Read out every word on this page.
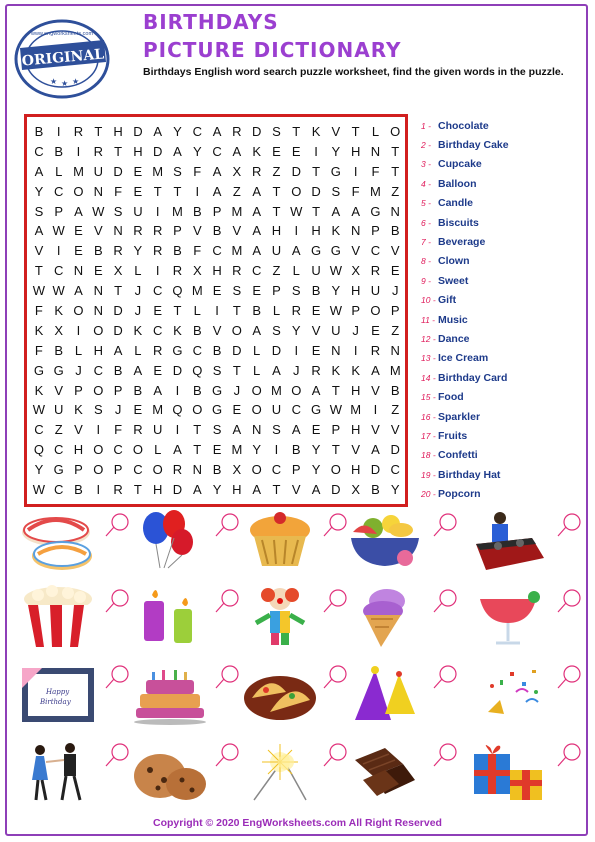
ORIGINAL
www.engworksheets.com
★ ★ ★
BIRTHDAYS
PICTURE DICTIONARY
Birthdays English word search puzzle worksheet, find the given words in the puzzle.
B	I	R T H D A Y C A R D S T K V T L O
C B	I	R T H D A Y C A K E E	I	Y H N T
A L M U D E M S F A X R Z D T G I	F T
Y C O N F E T T	I	A Z A T O D S F M Z
S P A W S U	I M B P M A T W T A A G N
A W E V N R R P V B V A H	I	H K N P B
V	I	E B R Y R B F C M A U A G G V C V
T C N E X L	I	R X H R C Z L U W X R E
W W A N T J C Q M E S E P S B Y H U J
F K O N D J E T L	I	T B L R E W P O P
K X	I O D K C K B V O A S Y V U J E Z
F B L H A L R G C B D L D	I	E N	I	R N
G G J C B A E D Q S T L A J R K K A M
K V P O P B A	I	B G J O M O A T H V B
W U K S J E M Q O G E O U C G W M I	Z
C Z V	I	F R U	I	T S A N S A E P H V V
Q C H O C O L A T E M Y	I	B Y T V A D
Y G P O P C O R N B X O C P Y O H D C
W C B	I	R T H D A Y H A T V A D X B Y
1 - Chocolate
2 - Birthday Cake
3 - Cupcake
4 - Balloon
5 - Candle
6 - Biscuits
7 - Beverage
8 - Clown
9 - Sweet
10 - Gift
11 - Music
12 - Dance
13 - Ice Cream
14 - Birthday Card
15 - Food
16 - Sparkler
17 - Fruits
18 - Confetti
19 - Birthday Hat
20 - Popcorn
Happy
Birthday
Copyright © 2020 EngWorksheets.com All Right Reserved
